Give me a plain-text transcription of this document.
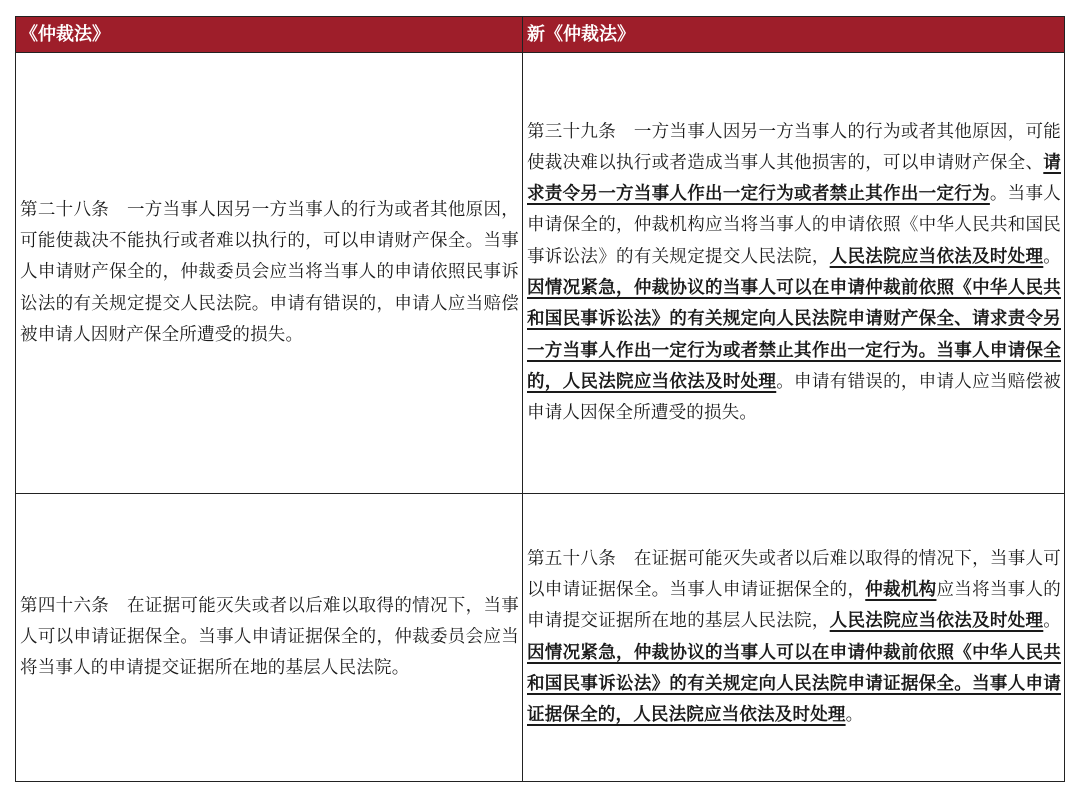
《仲裁法》	新《仲裁法》
第二十八条　一方当事人因另一方当事人的行为或者其他原因，可能使裁决不能执行或者难以执行的，可以申请财产保全。当事人申请财产保全的，仲裁委员会应当将当事人的申请依照民事诉讼法的有关规定提交人民法院。申请有错误的，申请人应当赔偿被申请人因财产保全所遭受的损失。	第三十九条　一方当事人因另一方当事人的行为或者其他原因，可能使裁决难以执行或者造成当事人其他损害的，可以申请财产保全、请求责令另一方当事人作出一定行为或者禁止其作出一定行为。当事人申请保全的，仲裁机构应当将当事人的申请依照《中华人民共和国民事诉讼法》的有关规定提交人民法院，人民法院应当依法及时处理。因情况紧急，仲裁协议的当事人可以在申请仲裁前依照《中华人民共和国民事诉讼法》的有关规定向人民法院申请财产保全、请求责令另一方当事人作出一定行为或者禁止其作出一定行为。当事人申请保全的，人民法院应当依法及时处理。申请有错误的，申请人应当赔偿被申请人因保全所遭受的损失。
第四十六条　在证据可能灭失或者以后难以取得的情况下，当事人可以申请证据保全。当事人申请证据保全的，仲裁委员会应当将当事人的申请提交证据所在地的基层人民法院。	第五十八条　在证据可能灭失或者以后难以取得的情况下，当事人可以申请证据保全。当事人申请证据保全的，仲裁机构应当将当事人的申请提交证据所在地的基层人民法院，人民法院应当依法及时处理。因情况紧急，仲裁协议的当事人可以在申请仲裁前依照《中华人民共和国民事诉讼法》的有关规定向人民法院申请证据保全。当事人申请证据保全的，人民法院应当依法及时处理。
